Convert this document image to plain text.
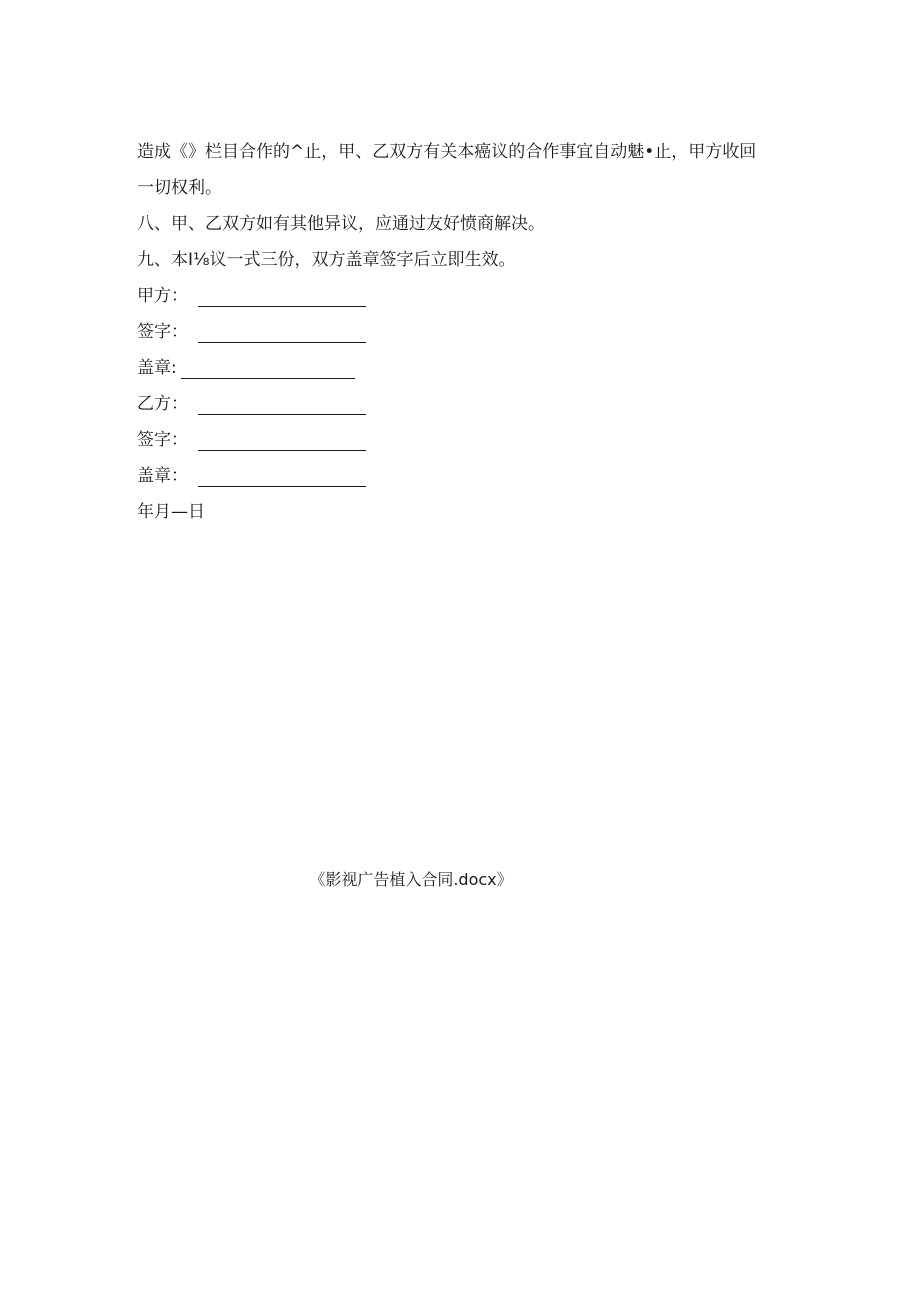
造成《》栏目合作的^止，甲、乙双方有关本癌议的合作事宜自动魅•止，甲方收回一切权利。

八、甲、乙双方如有其他异议，应通过友好愤商解决。

九、本I⅛议一式三份，双方盖章签字后立即生效。

甲方：
签字：
盖章:
乙方：
签字：
盖章：

年月—日

《影视广告植入合同.docx》
